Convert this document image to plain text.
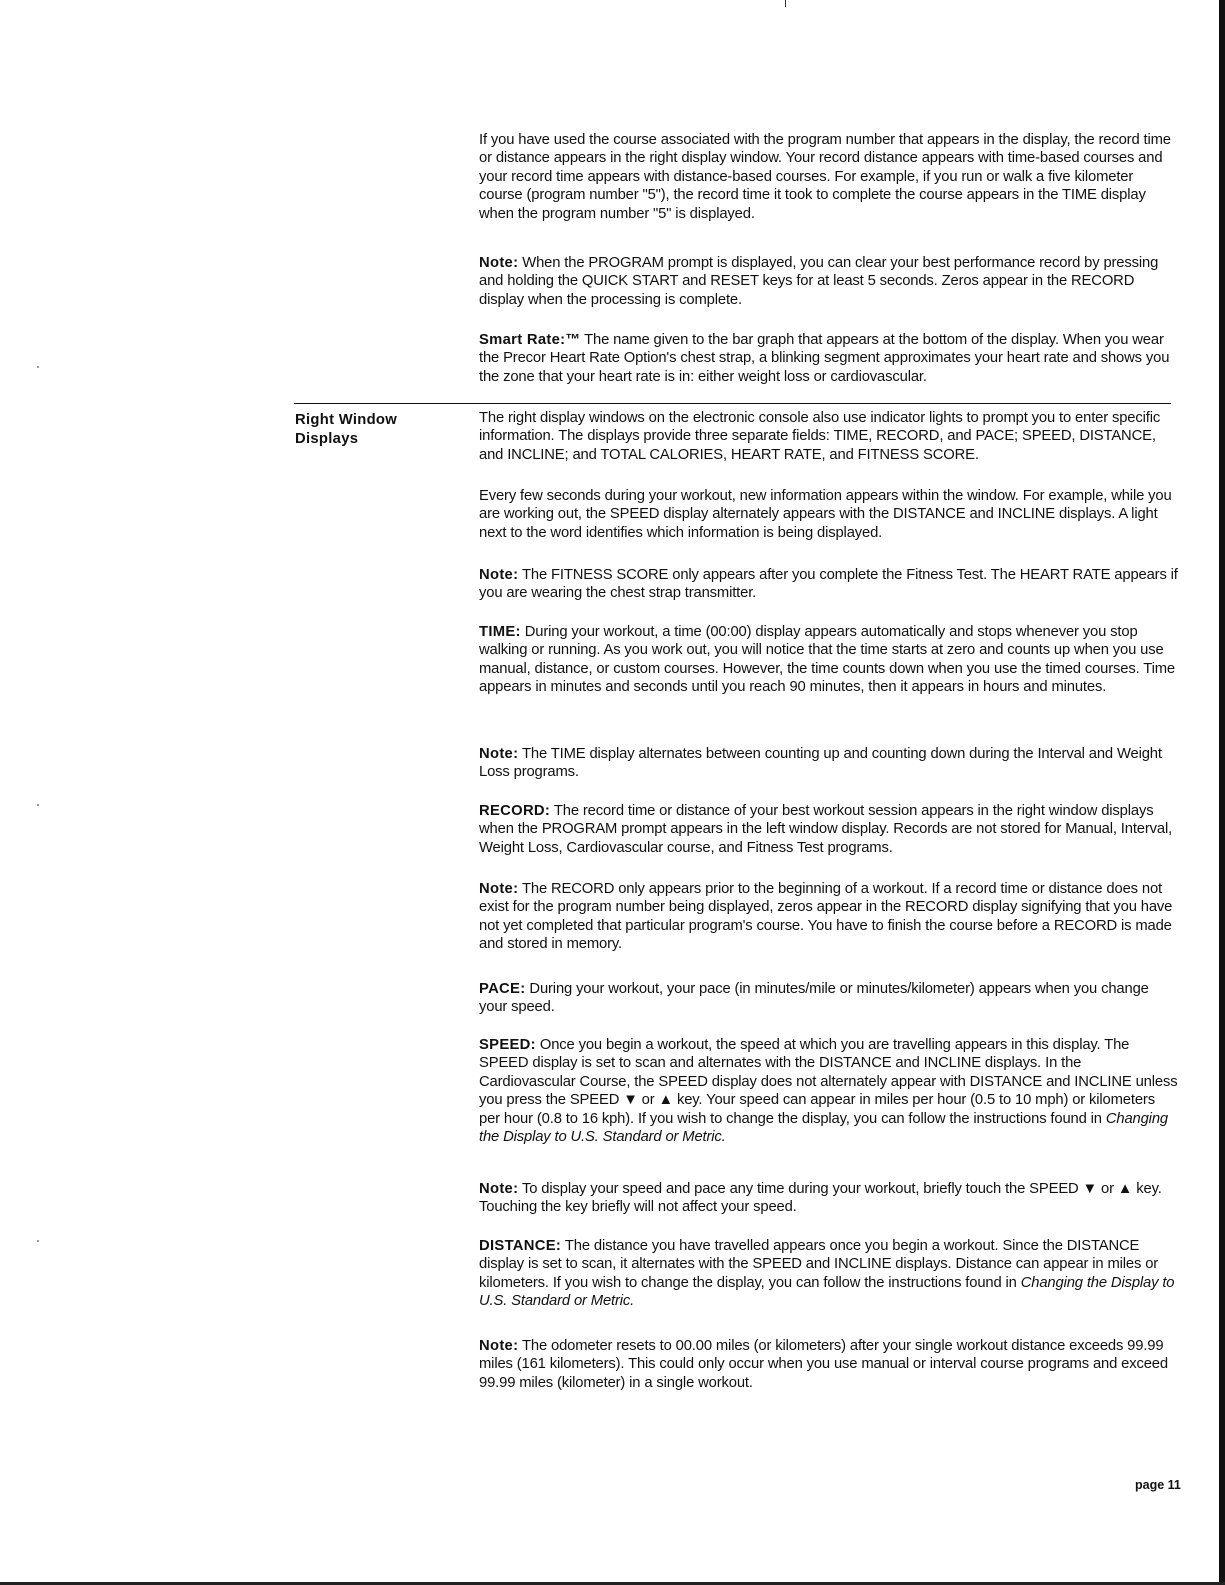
If you have used the course associated with the program number that appears in the display, the record time or distance appears in the right display window. Your record distance appears with time-based courses and your record time appears with distance-based courses. For example, if you run or walk a five kilometer course (program number "5"), the record time it took to complete the course appears in the TIME display when the program number "5" is displayed.

Note: When the PROGRAM prompt is displayed, you can clear your best performance record by pressing and holding the QUICK START and RESET keys for at least 5 seconds. Zeros appear in the RECORD display when the processing is complete.

Smart Rate:™ The name given to the bar graph that appears at the bottom of the display. When you wear the Precor Heart Rate Option's chest strap, a blinking segment approximates your heart rate and shows you the zone that your heart rate is in: either weight loss or cardiovascular.

Right Window
Displays

The right display windows on the electronic console also use indicator lights to prompt you to enter specific information. The displays provide three separate fields: TIME, RECORD, and PACE; SPEED, DISTANCE, and INCLINE; and TOTAL CALORIES, HEART RATE, and FITNESS SCORE.

Every few seconds during your workout, new information appears within the window. For example, while you are working out, the SPEED display alternately appears with the DISTANCE and INCLINE displays. A light next to the word identifies which information is being displayed.

Note: The FITNESS SCORE only appears after you complete the Fitness Test. The HEART RATE appears if you are wearing the chest strap transmitter.

TIME: During your workout, a time (00:00) display appears automatically and stops whenever you stop walking or running. As you work out, you will notice that the time starts at zero and counts up when you use manual, distance, or custom courses. However, the time counts down when you use the timed courses. Time appears in minutes and seconds until you reach 90 minutes, then it appears in hours and minutes.

Note: The TIME display alternates between counting up and counting down during the Interval and Weight Loss programs.

RECORD: The record time or distance of your best workout session appears in the right window displays when the PROGRAM prompt appears in the left window display. Records are not stored for Manual, Interval, Weight Loss, Cardiovascular course, and Fitness Test programs.

Note: The RECORD only appears prior to the beginning of a workout. If a record time or distance does not exist for the program number being displayed, zeros appear in the RECORD display signifying that you have not yet completed that particular program's course. You have to finish the course before a RECORD is made and stored in memory.

PACE: During your workout, your pace (in minutes/mile or minutes/kilometer) appears when you change your speed.

SPEED: Once you begin a workout, the speed at which you are travelling appears in this display. The SPEED display is set to scan and alternates with the DISTANCE and INCLINE displays. In the Cardiovascular Course, the SPEED display does not alternately appear with DISTANCE and INCLINE unless you press the SPEED ▼ or ▲ key. Your speed can appear in miles per hour (0.5 to 10 mph) or kilometers per hour (0.8 to 16 kph). If you wish to change the display, you can follow the instructions found in Changing the Display to U.S. Standard or Metric.

Note: To display your speed and pace any time during your workout, briefly touch the SPEED ▼ or ▲ key. Touching the key briefly will not affect your speed.

DISTANCE: The distance you have travelled appears once you begin a workout. Since the DISTANCE display is set to scan, it alternates with the SPEED and INCLINE displays. Distance can appear in miles or kilometers. If you wish to change the display, you can follow the instructions found in Changing the Display to U.S. Standard or Metric.

Note: The odometer resets to 00.00 miles (or kilometers) after your single workout distance exceeds 99.99 miles (161 kilometers). This could only occur when you use manual or interval course programs and exceed 99.99 miles (kilometer) in a single workout.

page 11
